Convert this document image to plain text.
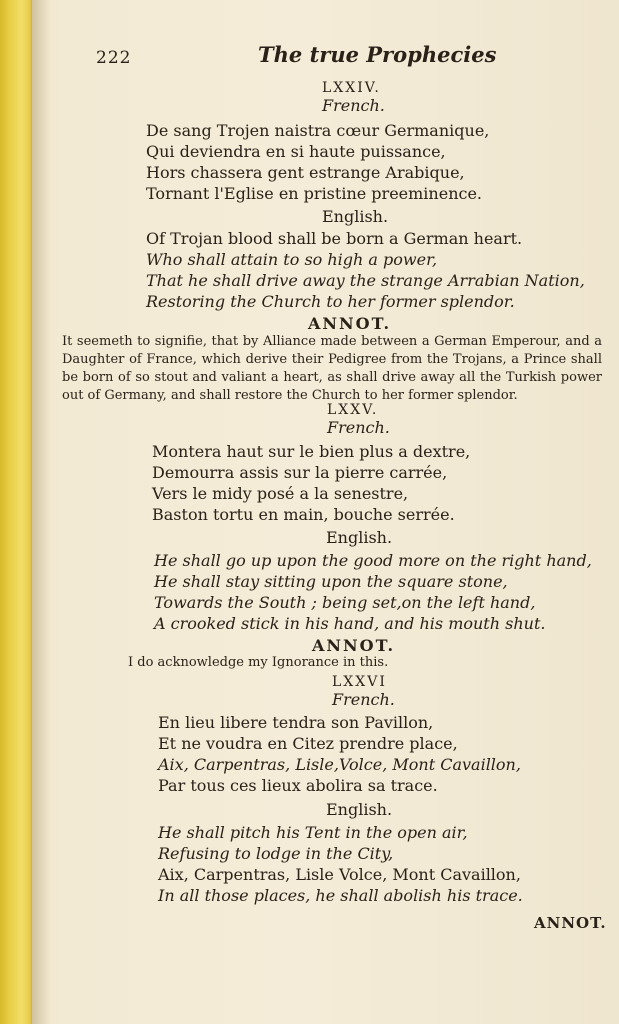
222	The true Prophecies
LXXIV.
French.
De sang Trojen naistra cœur Germanique,
Qui deviendra en si haute puissance,
Hors chassera gent estrange Arabique,
Tornant l'Eglise en pristine preeminence.
English.
Of Trojan blood shall be born a German heart.
Who shall attain to so high a power,
That he shall drive away the strange Arrabian Nation,
Restoring the Church to her former splendor.
ANNOT.
It seemeth to signifie, that by Alliance made between a German Emperour, and a Daughter of France, which derive their Pedigree from the Trojans, a Prince shall be born of so stout and valiant a heart, as shall drive away all the Turkish power out of Germany, and shall restore the Church to her former splendor.
LXXV.
French.
Montera haut sur le bien plus a dextre,
Demourra assis sur la pierre carrée,
Vers le midy posé a la senestre,
Baston tortu en main, bouche serrée.
English.
He shall go up upon the good more on the right hand,
He shall stay sitting upon the square stone,
Towards the South ; being set,on the left hand,
A crooked stick in his hand, and his mouth shut.
ANNOT.
I do acknowledge my Ignorance in this.
LXXVI
French.
En lieu libere tendra son Pavillon,
Et ne voudra en Citez prendre place,
Aix, Carpentras, Lisle,Volce, Mont Cavaillon,
Par tous ces lieux abolira sa trace.
English.
He shall pitch his Tent in the open air,
Refusing to lodge in the City,
Aix, Carpentras, Lisle Volce, Mont Cavaillon,
In all those places, he shall abolish his trace.
ANNOT.
